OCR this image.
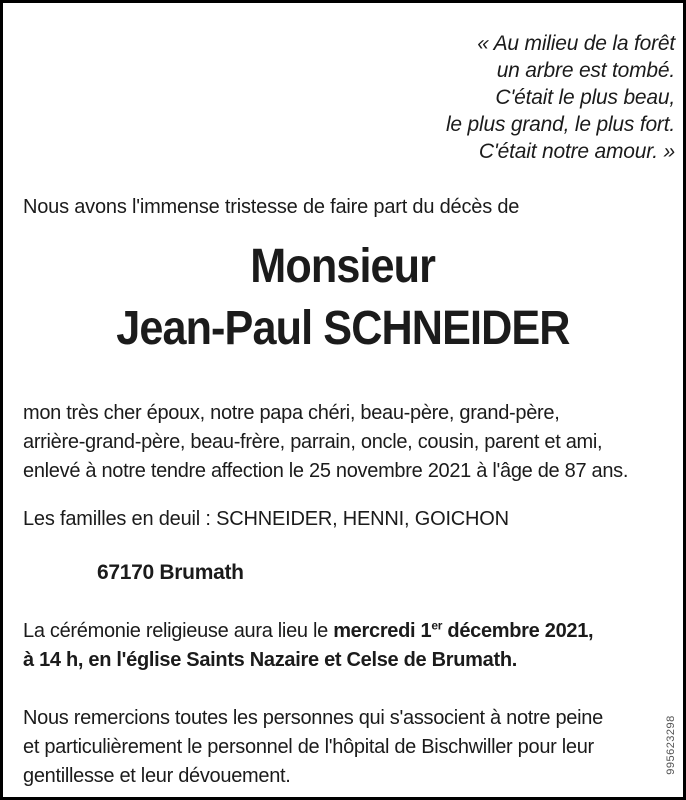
« Au milieu de la forêt
un arbre est tombé.
C'était le plus beau,
le plus grand, le plus fort.
C'était notre amour. »
Nous avons l'immense tristesse de faire part du décès de
Monsieur
Jean-Paul SCHNEIDER
mon très cher époux, notre papa chéri, beau-père, grand-père,
arrière-grand-père, beau-frère, parrain, oncle, cousin, parent et ami,
enlevé à notre tendre affection le 25 novembre 2021 à l'âge de 87 ans.
Les familles en deuil : SCHNEIDER, HENNI, GOICHON
67170 Brumath
La cérémonie religieuse aura lieu le mercredi 1er décembre 2021,
à 14 h, en l'église Saints Nazaire et Celse de Brumath.
Nous remercions toutes les personnes qui s'associent à notre peine
et particulièrement le personnel de l'hôpital de Bischwiller pour leur
gentillesse et leur dévouement.
995623298
